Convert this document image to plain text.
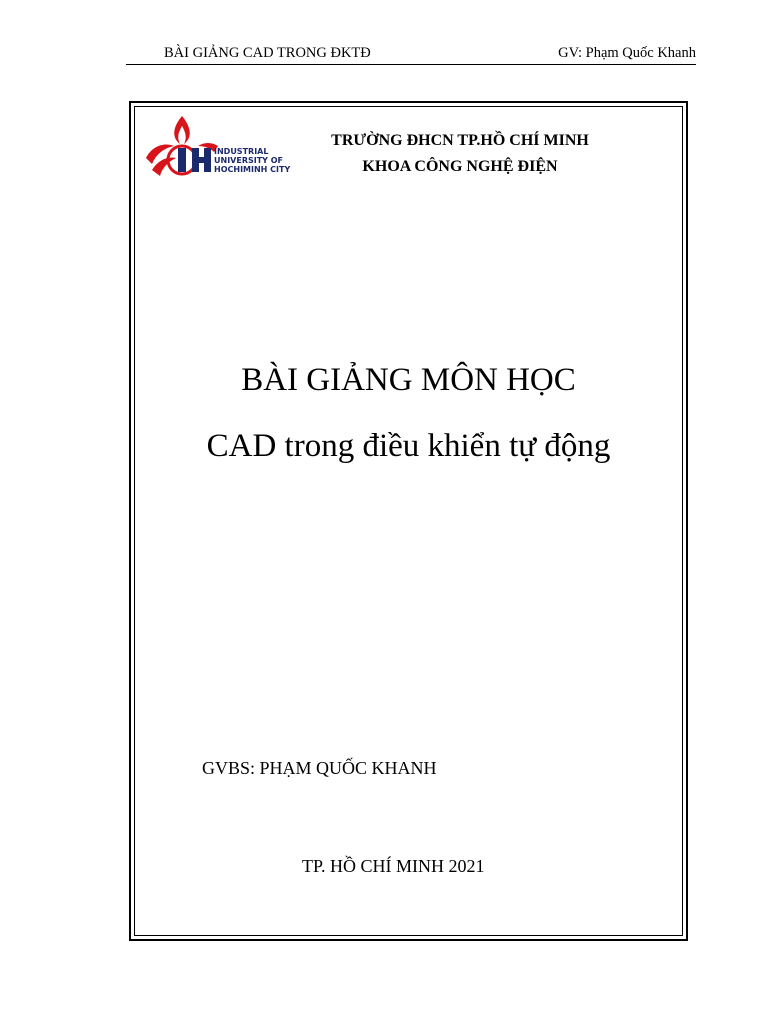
BÀI GIẢNG CAD TRONG ĐKTĐ	GV: Phạm Quốc Khanh
INDUSTRIAL
UNIVERSITY OF
HOCHIMINH CITY
TRƯỜNG ĐHCN TP.HỒ CHÍ MINH
KHOA CÔNG NGHỆ ĐIỆN
BÀI GIẢNG MÔN HỌC
CAD trong điều khiển tự động
GVBS: PHẠM QUỐC KHANH
TP. HỒ CHÍ MINH 2021
